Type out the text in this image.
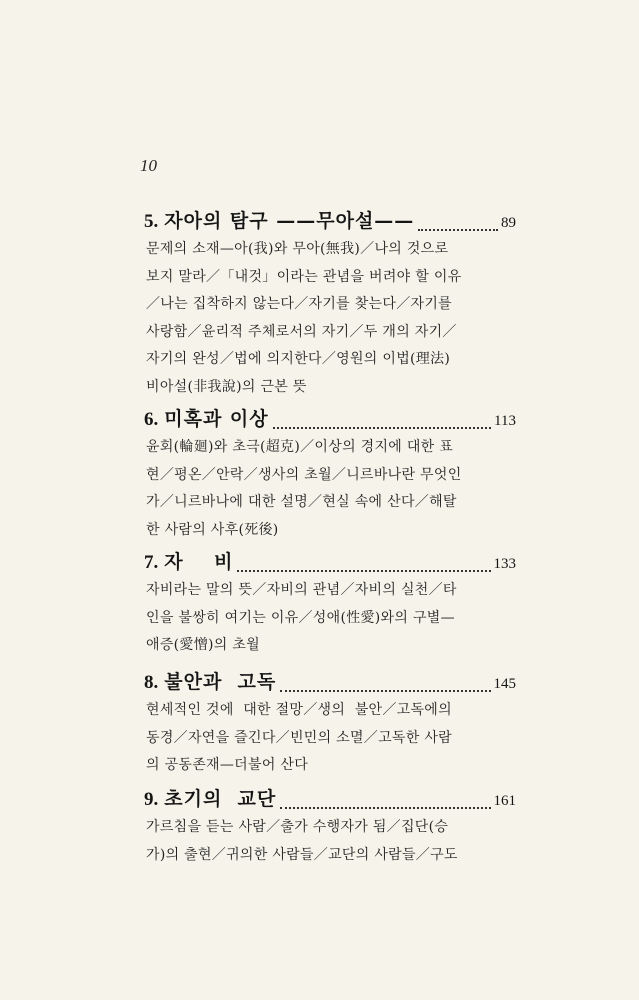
10
5. 자아의 탐구 ——무아설——	89
문제의 소재—아(我)와 무아(無我)／나의 것으로
보지 말라／「내것」이라는 관념을 버려야 할 이유
／나는 집착하지 않는다／자기를 찾는다／자기를
사랑함／윤리적 주체로서의 자기／두 개의 자기／
자기의 완성／법에 의지한다／영원의 이법(理法)
비아설(非我說)의 근본 뜻
6. 미혹과 이상	113
윤회(輪廻)와 초극(超克)／이상의 경지에 대한 표
현／평온／안락／생사의 초월／니르바나란 무엇인
가／니르바나에 대한 설명／현실 속에 산다／해탈
한 사람의 사후(死後)
7. 자    비	133
자비라는 말의 뜻／자비의 관념／자비의 실천／타
인을 불쌍히 여기는 이유／성애(性愛)와의 구별—
애증(愛憎)의 초월
8. 불안과  고독	145
현세적인 것에  대한 절망／생의  불안／고독에의
동경／자연을 즐긴다／빈민의 소멸／고독한 사람
의 공동존재—더불어 산다
9. 초기의  교단	161
가르침을 듣는 사람／출가 수행자가 됨／집단(승
가)의 출현／귀의한 사람들／교단의 사람들／구도
